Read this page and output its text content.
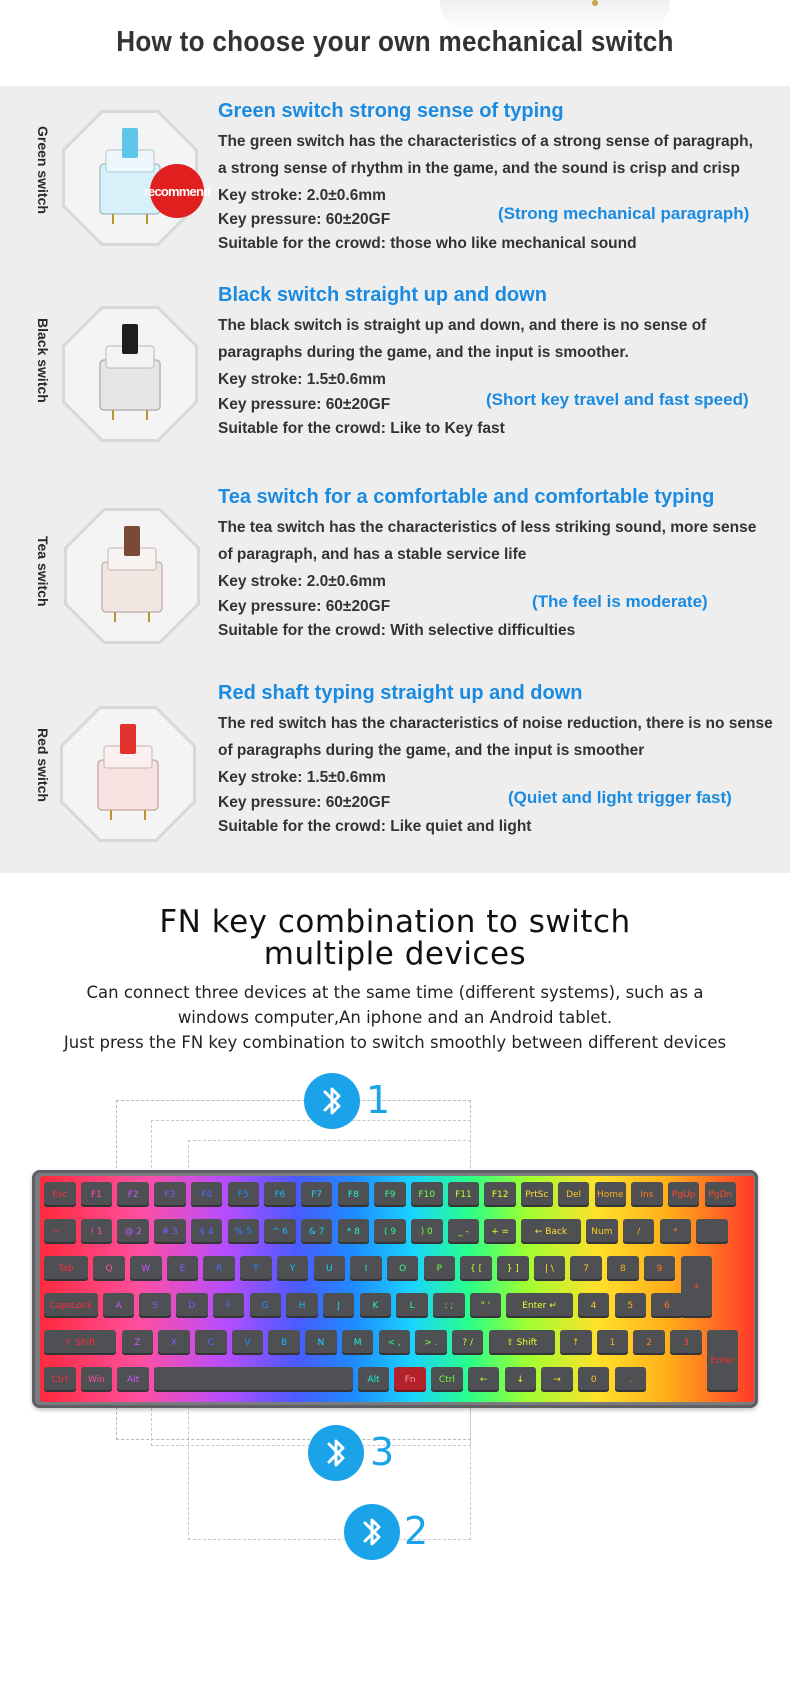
How to choose your own mechanical switch
Green switch	recommend
Green switch strong sense of typing
The green switch has the characteristics of a strong sense of paragraph,
a strong sense of rhythm in the game, and the sound is crisp and crisp
Key stroke: 2.0±0.6mm
Key pressure: 60±20GF
Suitable for the crowd: those who like mechanical sound
(Strong mechanical paragraph)
Black switch
Black switch straight up and down
The black switch is straight up and down, and there is no sense of
paragraphs during the game, and the input is smoother.
Key stroke: 1.5±0.6mm
Key pressure: 60±20GF
Suitable for the crowd: Like to Key fast
(Short key travel and fast speed)
Tea switch
Tea switch for a comfortable and comfortable typing
The tea switch has the characteristics of less striking sound, more sense
of paragraph, and has a stable service life
Key stroke: 2.0±0.6mm
Key pressure: 60±20GF
Suitable for the crowd: With selective difficulties
(The feel is moderate)
Red switch
Red shaft typing straight up and down
The red switch has the characteristics of noise reduction, there is no sense
of paragraphs during the game, and the input is smoother
Key stroke: 1.5±0.6mm
Key pressure: 60±20GF
Suitable for the crowd: Like quiet and light
(Quiet and light trigger fast)
FN key combination to switch
multiple devices
Can connect three devices at the same time (different systems), such as a
windows computer,An iphone and an Android tablet.
Just press the FN key combination to switch smoothly between different devices
1
Esc	F1	F2	F3	F4	F5	F6	F7	F8	F9	F10	F11	F12	PrtSc	Del	Home	Ins	PgUp	PgDn
~ `	! 1	@ 2	# 3	$ 4	% 5	^ 6	& 7	* 8	( 9	) 0	_ -	+ =	← Back	Num	/	*	-
Tab	Q	W	E	R	T	Y	U	I	O	P	{ [	} ]	| \	7	8	9
+
CapsLock	A	S	D	F	G	H	J	K	L	: ;	" '	Enter ↵	4	5	6
⇧ Shift	Z	X	C	V	B	N	M	< ,	> .	? /	⇧ Shift	↑	1	2	3
Enter
Ctrl	Win	Alt	Alt	Fn	Ctrl	←	↓	→	0	.
3
2
